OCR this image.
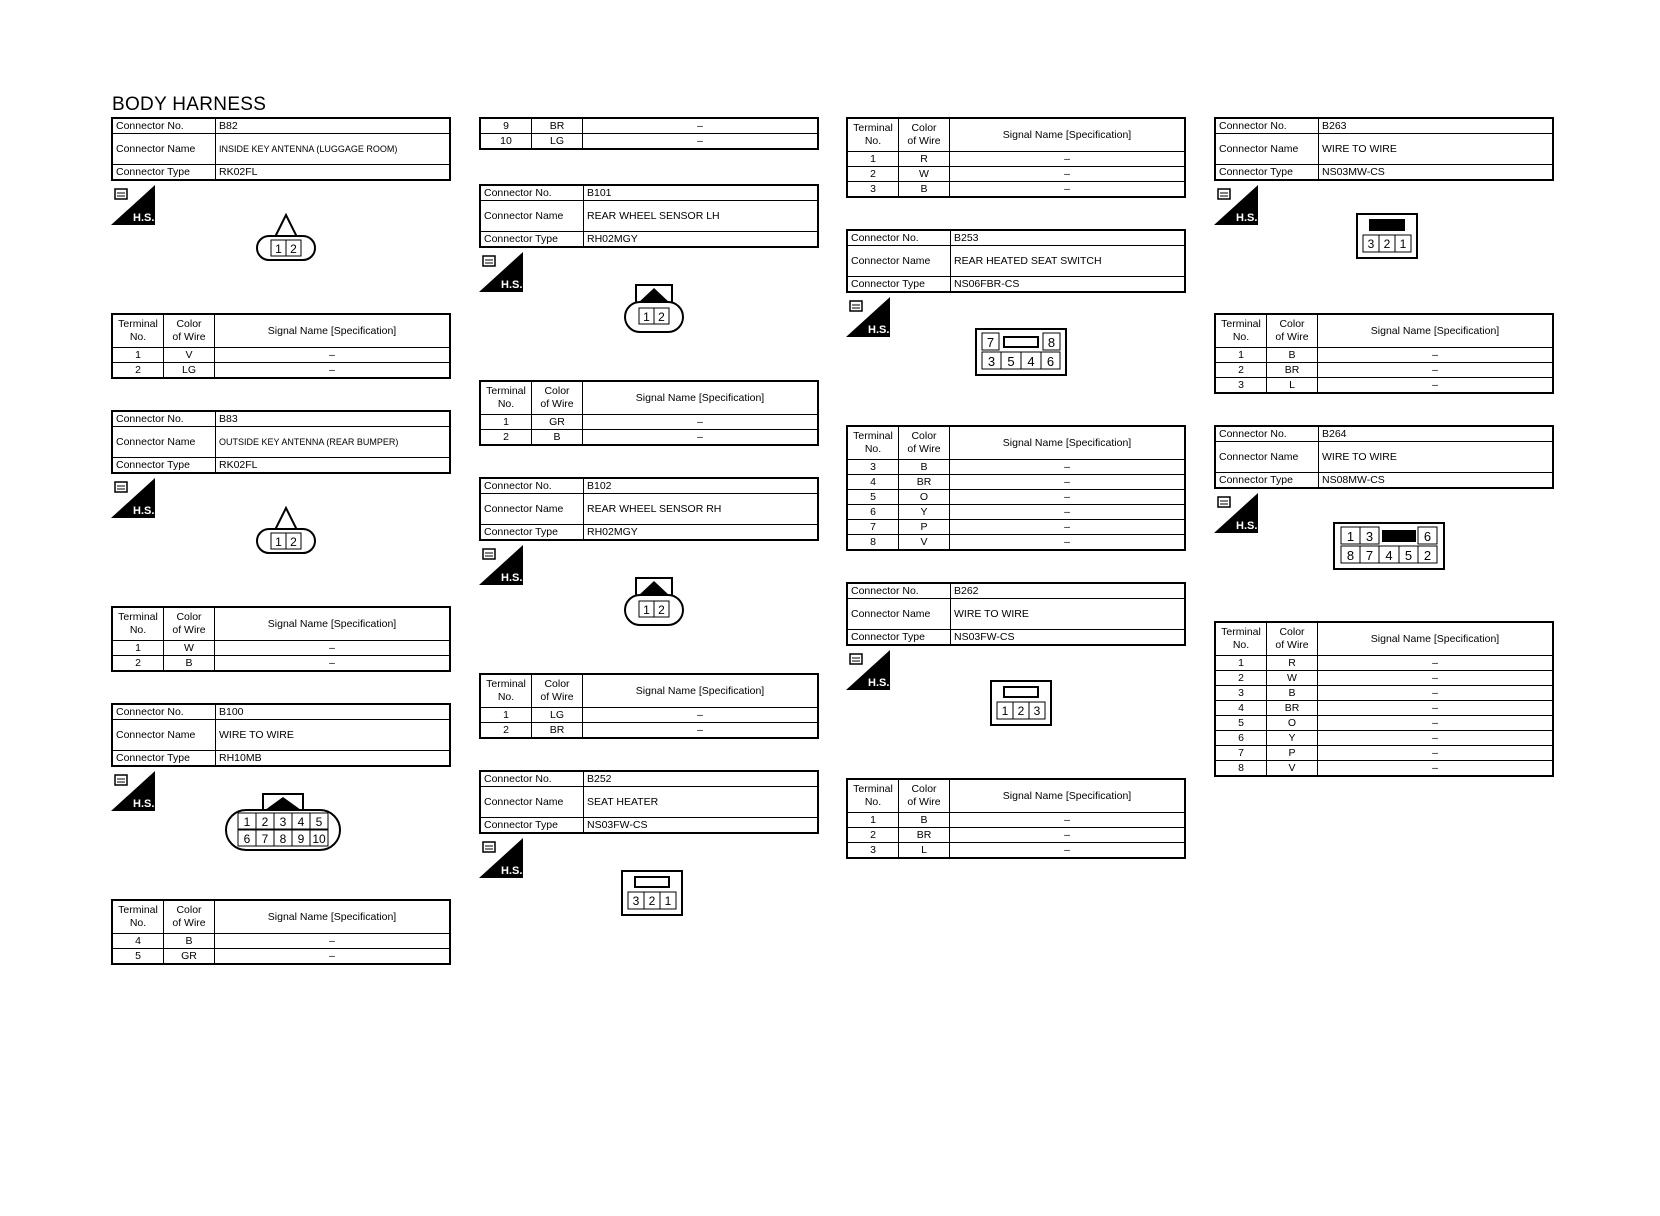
BODY HARNESS
Connector No.	B82
Connector Name	INSIDE KEY ANTENNA (LUGGAGE ROOM)
Connector Type	RK02FL
H.S.
1 2
Terminal
No.	Color
of Wire	Signal Name [Specification]
1	V	–
2	LG	–
Connector No.	B83
Connector Name	OUTSIDE KEY ANTENNA (REAR BUMPER)
Connector Type	RK02FL
H.S.
1 2
Terminal
No.	Color
of Wire	Signal Name [Specification]
1	W	–
2	B	–
Connector No.	B100
Connector Name	WIRE TO WIRE
Connector Type	RH10MB
H.S.
1 2 3 4 5
6 7 8 9 10
Terminal
No.	Color
of Wire	Signal Name [Specification]
4	B	–
5	GR	–
9	BR	–
10	LG	–
Connector No.	B101
Connector Name	REAR WHEEL SENSOR LH
Connector Type	RH02MGY
H.S.
1 2
Terminal
No.	Color
of Wire	Signal Name [Specification]
1	GR	–
2	B	–
Connector No.	B102
Connector Name	REAR WHEEL SENSOR RH
Connector Type	RH02MGY
H.S.
1 2
Terminal
No.	Color
of Wire	Signal Name [Specification]
1	LG	–
2	BR	–
Connector No.	B252
Connector Name	SEAT HEATER
Connector Type	NS03FW-CS
H.S.
3 2 1
Terminal
No.	Color
of Wire	Signal Name [Specification]
1	R	–
2	W	–
3	B	–
Connector No.	B253
Connector Name	REAR HEATED SEAT SWITCH
Connector Type	NS06FBR-CS
H.S.
7	8
3 5 4 6
Terminal
No.	Color
of Wire	Signal Name [Specification]
3	B	–
4	BR	–
5	O	–
6	Y	–
7	P	–
8	V	–
Connector No.	B262
Connector Name	WIRE TO WIRE
Connector Type	NS03FW-CS
H.S.
1 2 3
Terminal
No.	Color
of Wire	Signal Name [Specification]
1	B	–
2	BR	–
3	L	–
Connector No.	B263
Connector Name	WIRE TO WIRE
Connector Type	NS03MW-CS
H.S.
3 2 1
Terminal
No.	Color
of Wire	Signal Name [Specification]
1	B	–
2	BR	–
3	L	–
Connector No.	B264
Connector Name	WIRE TO WIRE
Connector Type	NS08MW-CS
H.S.
1 3	6
8 7 4 5 2
Terminal
No.	Color
of Wire	Signal Name [Specification]
1	R	–
2	W	–
3	B	–
4	BR	–
5	O	–
6	Y	–
7	P	–
8	V	–
